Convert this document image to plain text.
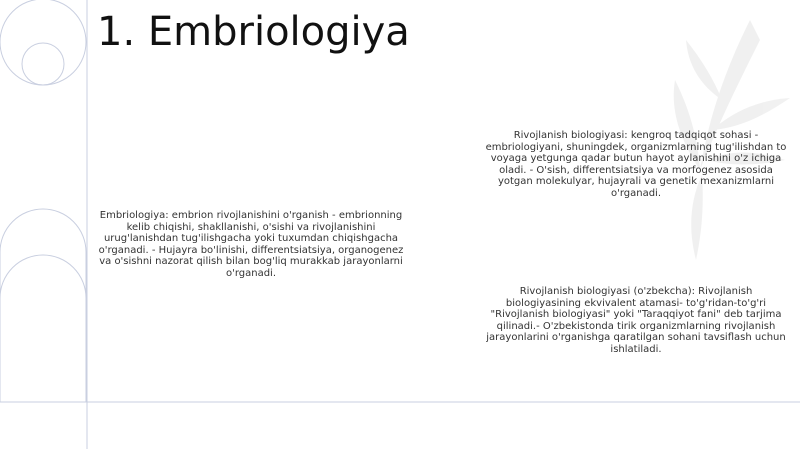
1. Embriologiya

Embriologiya: embrion rivojlanishini o'rganish - embrionning kelib chiqishi, shakllanishi, o'sishi va rivojlanishini urug'lanishdan tug'ilishgacha yoki tuxumdan chiqishgacha o'rganadi. - Hujayra bo'linishi, differentsiatsiya, organogenez va o'sishni nazorat qilish bilan bog'liq murakkab jarayonlarni o'rganadi.

Rivojlanish biologiyasi: kengroq tadqiqot sohasi - embriologiyani, shuningdek, organizmlarning tug'ilishdan to voyaga yetgunga qadar butun hayot aylanishini o'z ichiga oladi. - O'sish, differentsiatsiya va morfogenez asosida yotgan molekulyar, hujayrali va genetik mexanizmlarni o'rganadi.

Rivojlanish biologiyasi (o'zbekcha): Rivojlanish biologiyasining ekvivalent atamasi- to'g'ridan-to'g'ri "Rivojlanish biologiyasi" yoki "Taraqqiyot fani" deb tarjima qilinadi.- O'zbekistonda tirik organizmlarning rivojlanish jarayonlarini o'rganishga qaratilgan sohani tavsiflash uchun ishlatiladi.
